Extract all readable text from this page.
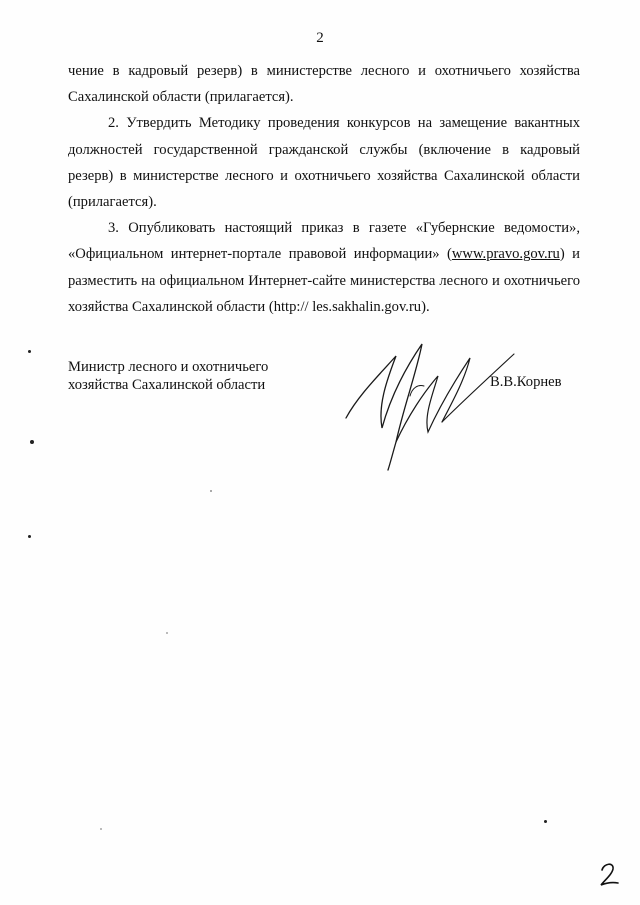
2

чение в кадровый резерв) в министерстве лесного и охотничьего хозяйства Сахалинской области (прилагается).

2. Утвердить Методику проведения конкурсов на замещение вакантных должностей государственной гражданской службы (включение в кадровый резерв) в министерстве лесного и охотничьего хозяйства Сахалинской области (прилагается).

3. Опубликовать настоящий приказ в газете «Губернские ведомости», «Официальном интернет-портале правовой информации» (www.pravo.gov.ru) и разместить на официальном Интернет-сайте министерства лесного и охотничьего хозяйства Сахалинской области (http:// les.sakhalin.gov.ru).

Министр лесного и охотничьего
хозяйства Сахалинской области	В.В.Корнев
